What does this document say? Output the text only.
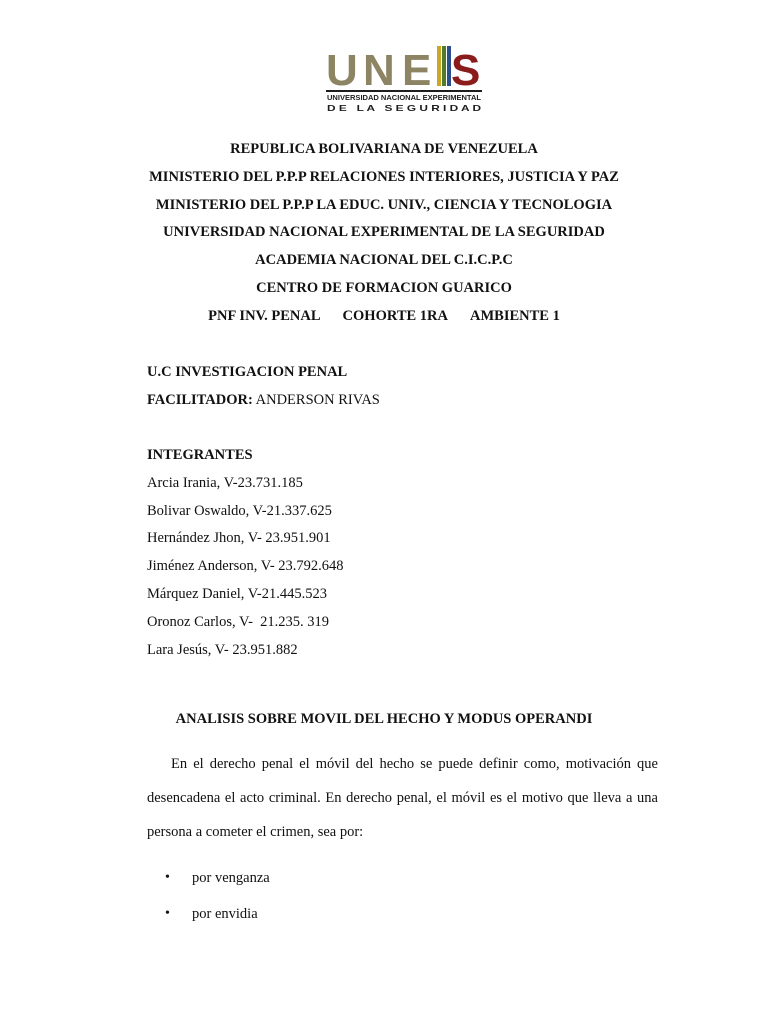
U N E S
UNIVERSIDAD NACIONAL EXPERIMENTAL
D E   L A   S E G U R I D A D
REPUBLICA BOLIVARIANA DE VENEZUELA
MINISTERIO DEL P.P.P RELACIONES INTERIORES, JUSTICIA Y PAZ
MINISTERIO DEL P.P.P LA EDUC. UNIV., CIENCIA Y TECNOLOGIA
UNIVERSIDAD NACIONAL EXPERIMENTAL DE LA SEGURIDAD
ACADEMIA NACIONAL DEL C.I.C.P.C
CENTRO DE FORMACION GUARICO
PNF INV. PENAL COHORTE 1RA AMBIENTE 1
U.C INVESTIGACION PENAL
FACILITADOR: ANDERSON RIVAS
INTEGRANTES
Arcia Irania, V-23.731.185
Bolivar Oswaldo, V-21.337.625
Hernández Jhon, V- 23.951.901
Jiménez Anderson, V- 23.792.648
Márquez Daniel, V-21.445.523
Oronoz Carlos, V-  21.235. 319
Lara Jesús, V- 23.951.882
ANALISIS SOBRE MOVIL DEL HECHO Y MODUS OPERANDI

En el derecho penal el móvil del hecho se puede definir como, motivación que desencadena el acto criminal. En derecho penal, el móvil es el motivo que lleva a una persona a cometer el crimen, sea por:

• por venganza
• por envidia
